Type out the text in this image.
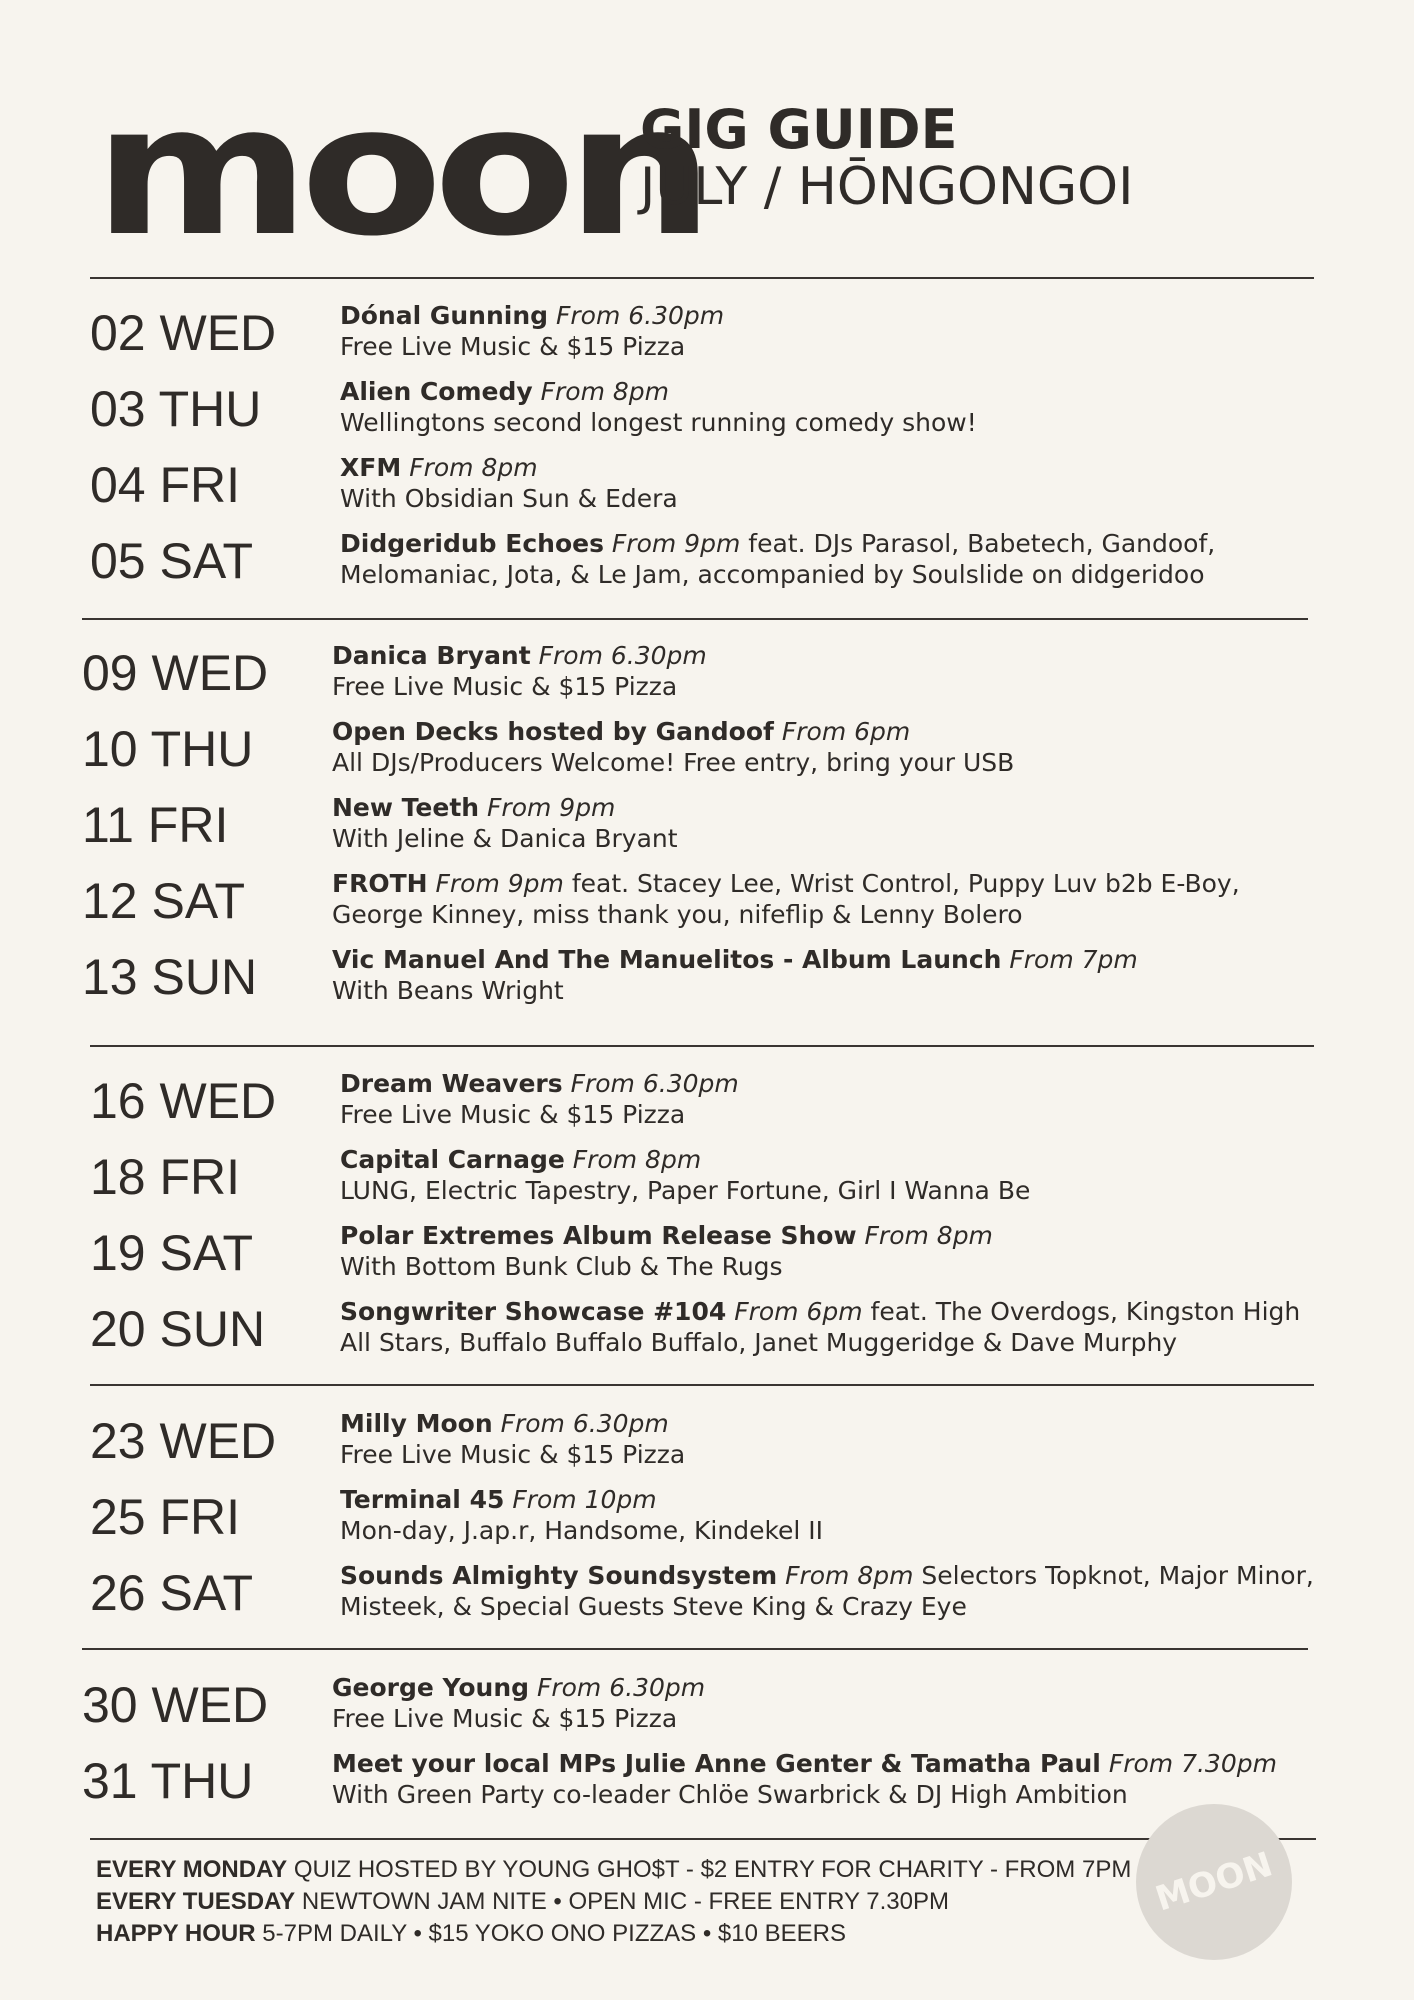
moon
GIG GUIDE
JULY / HŌNGONGOI
02 WED	Dónal Gunning From 6.30pm
Free Live Music & $15 Pizza
03 THU	Alien Comedy From 8pm
Wellingtons second longest running comedy show!
04 FRI	XFM From 8pm
With Obsidian Sun & Edera
05 SAT	Didgeridub Echoes From 9pm feat. DJs Parasol, Babetech, Gandoof,
Melomaniac, Jota, & Le Jam, accompanied by Soulslide on didgeridoo
09 WED	Danica Bryant From 6.30pm
Free Live Music & $15 Pizza
10 THU	Open Decks hosted by Gandoof From 6pm
All DJs/Producers Welcome! Free entry, bring your USB
11 FRI	New Teeth From 9pm
With Jeline & Danica Bryant
12 SAT	FROTH From 9pm feat. Stacey Lee, Wrist Control, Puppy Luv b2b E-Boy,
George Kinney, miss thank you, nifeflip & Lenny Bolero
13 SUN	Vic Manuel And The Manuelitos - Album Launch From 7pm
With Beans Wright
16 WED	Dream Weavers From 6.30pm
Free Live Music & $15 Pizza
18 FRI	Capital Carnage From 8pm
LUNG, Electric Tapestry, Paper Fortune, Girl I Wanna Be
19 SAT	Polar Extremes Album Release Show From 8pm
With Bottom Bunk Club & The Rugs
20 SUN	Songwriter Showcase #104 From 6pm feat. The Overdogs, Kingston High
All Stars, Buffalo Buffalo Buffalo, Janet Muggeridge & Dave Murphy
23 WED	Milly Moon From 6.30pm
Free Live Music & $15 Pizza
25 FRI	Terminal 45 From 10pm
Mon-day, J.ap.r, Handsome, Kindekel II
26 SAT	Sounds Almighty Soundsystem From 8pm Selectors Topknot, Major Minor,
Misteek, & Special Guests Steve King & Crazy Eye
30 WED	George Young From 6.30pm
Free Live Music & $15 Pizza
31 THU	Meet your local MPs Julie Anne Genter & Tamatha Paul From 7.30pm
With Green Party co-leader Chlöe Swarbrick & DJ High Ambition
EVERY MONDAY QUIZ HOSTED BY YOUNG GHO$T - $2 ENTRY FOR CHARITY - FROM 7PM
EVERY TUESDAY NEWTOWN JAM NITE • OPEN MIC - FREE ENTRY 7.30PM
HAPPY HOUR 5-7PM DAILY • $15 YOKO ONO PIZZAS • $10 BEERS
MOON
